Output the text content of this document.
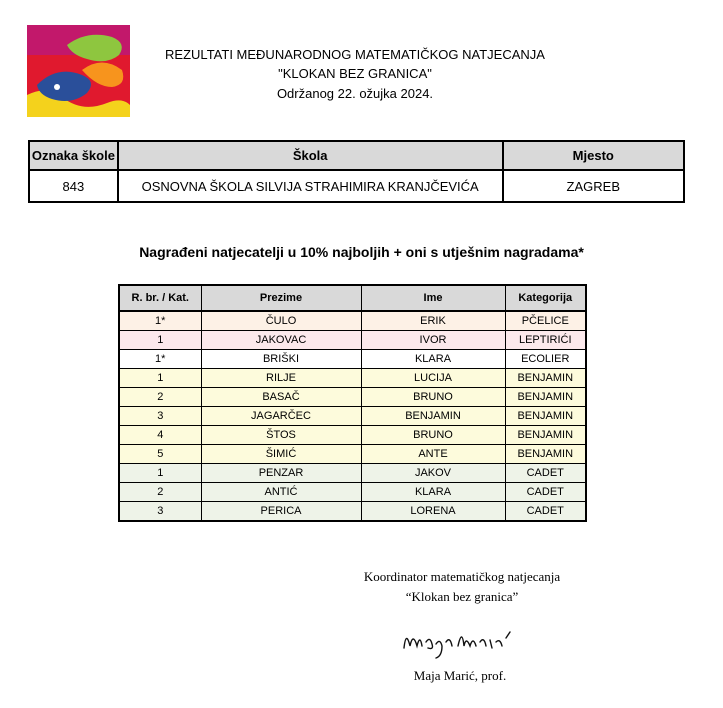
REZULTATI MEĐUNARODNOG MATEMATIČKOG NATJECANJA
"KLOKAN BEZ GRANICA"
Održanog 22. ožujka 2024.
Oznaka škole	Škola	Mjesto
843	OSNOVNA ŠKOLA SILVIJA STRAHIMIRA KRANJČEVIĆA	ZAGREB
Nagrađeni natjecatelji u 10% najboljih + oni s utješnim nagradama*
R. br. / Kat.	Prezime	Ime	Kategorija
1*	ČULO	ERIK	PČELICE
1	JAKOVAC	IVOR	LEPTIRIĆI
1*	BRIŠKI	KLARA	ECOLIER
1	RILJE	LUCIJA	BENJAMIN
2	BASAČ	BRUNO	BENJAMIN
3	JAGARČEC	BENJAMIN	BENJAMIN
4	ŠTOS	BRUNO	BENJAMIN
5	ŠIMIĆ	ANTE	BENJAMIN
1	PENZAR	JAKOV	CADET
2	ANTIĆ	KLARA	CADET
3	PERICA	LORENA	CADET
Koordinator matematičkog natjecanja
“Klokan bez granica”
Maja Marić, prof.
